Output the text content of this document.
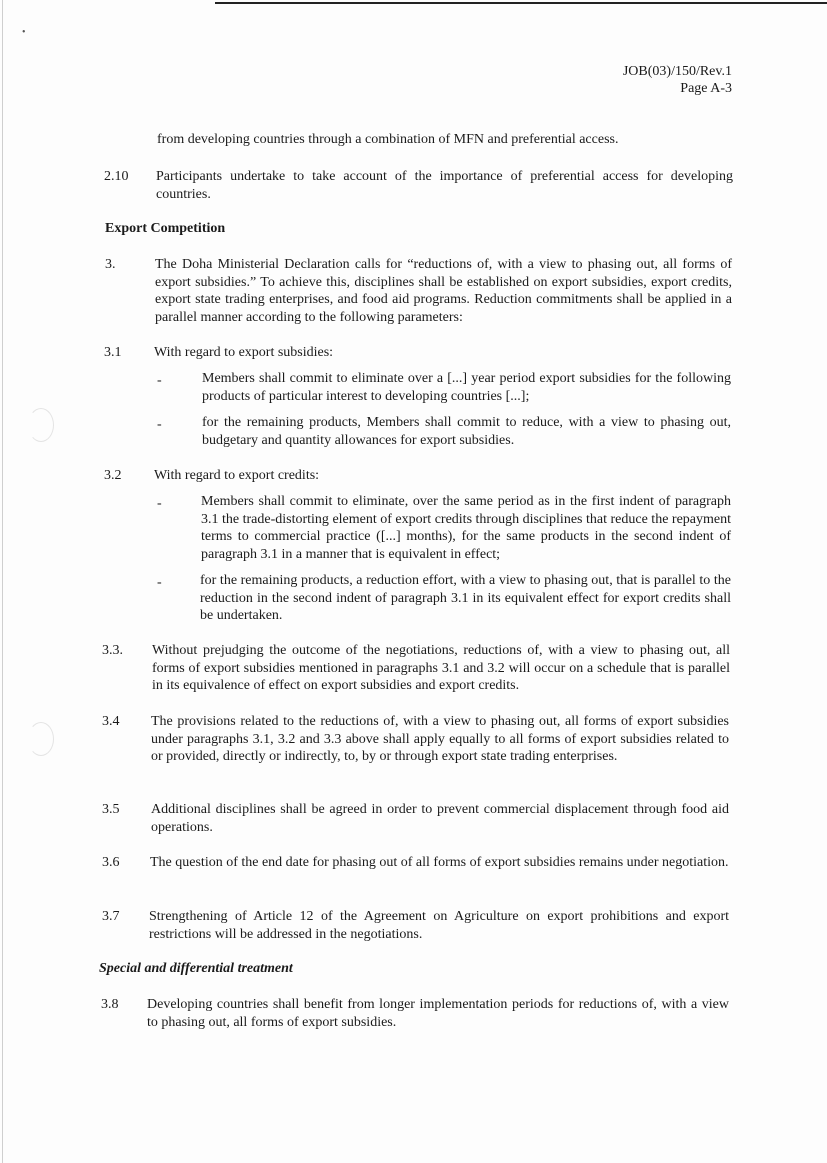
•
JOB(03)/150/Rev.1
Page A-3
from developing countries through a combination of MFN and preferential access.
2.10 Participants undertake to take account of the importance of preferential access for developing countries.
Export Competition
3.	The Doha Ministerial Declaration calls for “reductions of, with a view to phasing out, all forms of export subsidies.” To achieve this, disciplines shall be established on export subsidies, export credits, export state trading enterprises, and food aid programs. Reduction commitments shall be applied in a parallel manner according to the following parameters:
3.1 With regard to export subsidies:
-	Members shall commit to eliminate over a [...] year period export subsidies for the following products of particular interest to developing countries [...];
-	for the remaining products, Members shall commit to reduce, with a view to phasing out, budgetary and quantity allowances for export subsidies.
3.2 With regard to export credits:
-	Members shall commit to eliminate, over the same period as in the first indent of paragraph 3.1 the trade-distorting element of export credits through disciplines that reduce the repayment terms to commercial practice ([...] months), for the same products in the second indent of paragraph 3.1 in a manner that is equivalent in effect;
-	for the remaining products, a reduction effort, with a view to phasing out, that is parallel to the reduction in the second indent of paragraph 3.1 in its equivalent effect for export credits shall be undertaken.
3.3. Without prejudging the outcome of the negotiations, reductions of, with a view to phasing out, all forms of export subsidies mentioned in paragraphs 3.1 and 3.2 will occur on a schedule that is parallel in its equivalence of effect on export subsidies and export credits.
3.4 The provisions related to the reductions of, with a view to phasing out, all forms of export subsidies under paragraphs 3.1, 3.2 and 3.3 above shall apply equally to all forms of export subsidies related to or provided, directly or indirectly, to, by or through export state trading enterprises.
3.5 Additional disciplines shall be agreed in order to prevent commercial displacement through food aid operations.
3.6 The question of the end date for phasing out of all forms of export subsidies remains under negotiation.
3.7 Strengthening of Article 12 of the Agreement on Agriculture on export prohibitions and export restrictions will be addressed in the negotiations.
Special and differential treatment
3.8 Developing countries shall benefit from longer implementation periods for reductions of, with a view to phasing out, all forms of export subsidies.
